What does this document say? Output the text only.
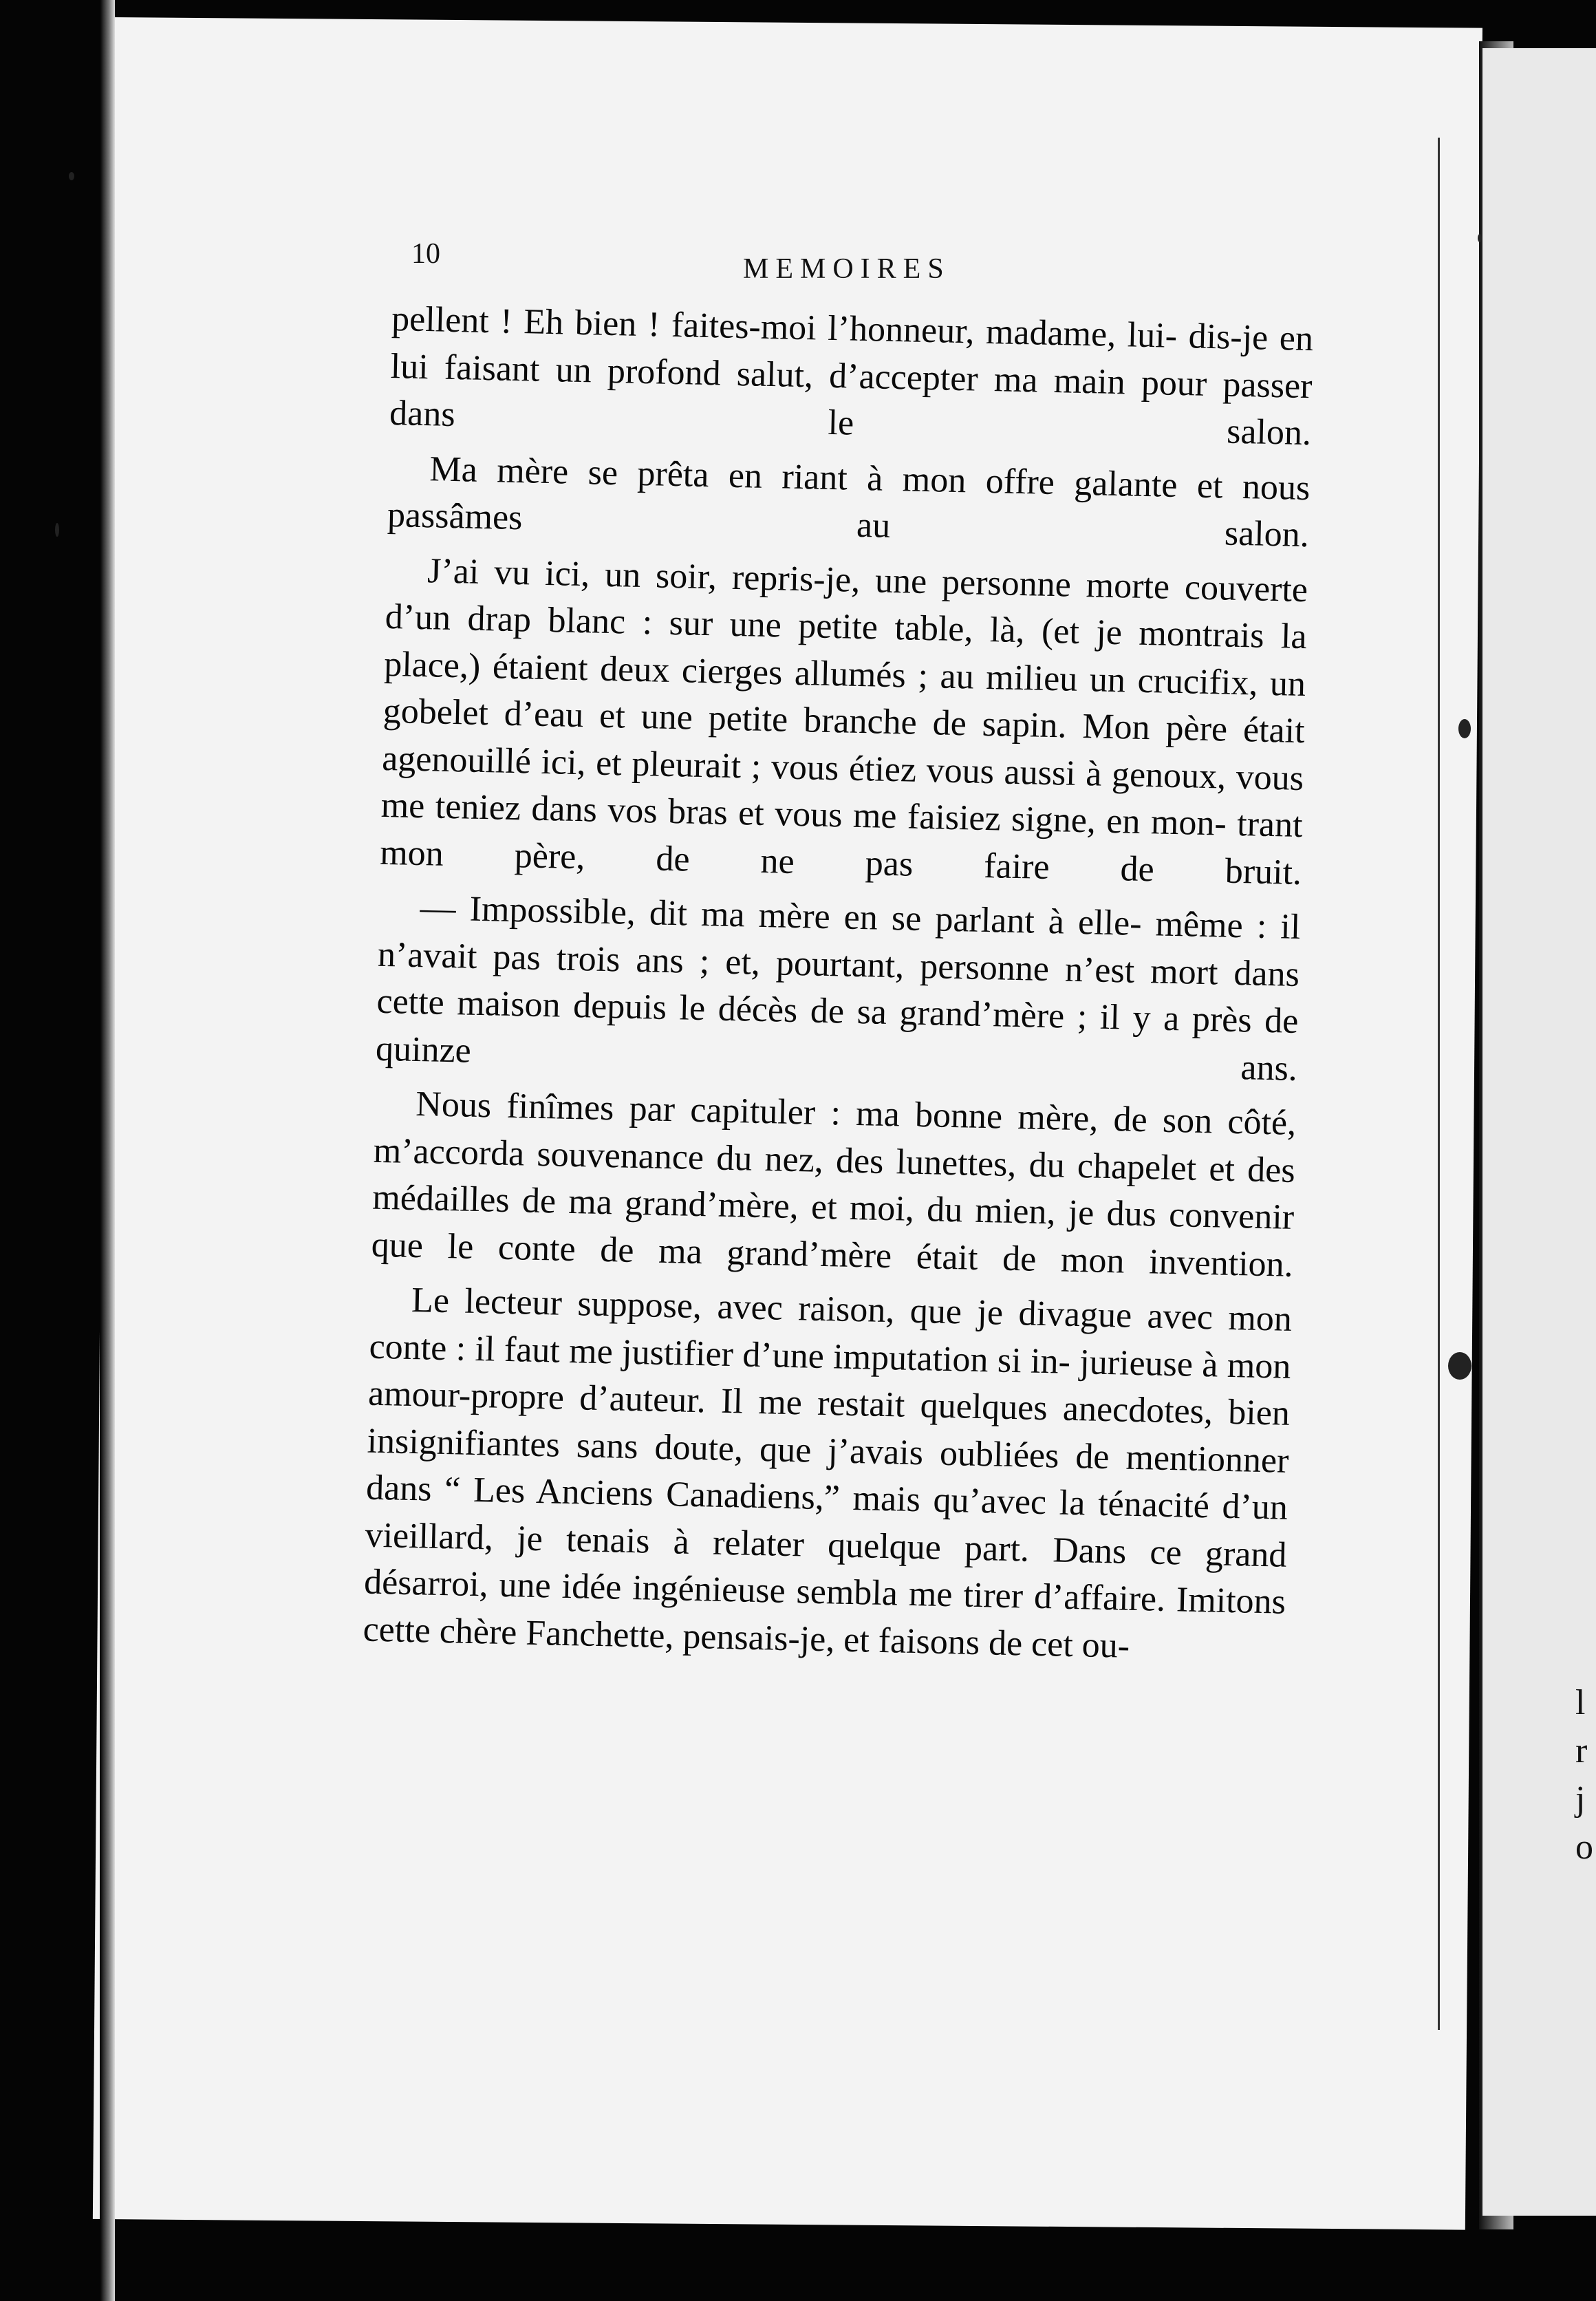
10	MEMOIRES

pellent ! Eh bien ! faites-moi l’honneur, madame, lui- dis-je en lui faisant un profond salut, d’accepter ma main pour passer dans le salon.

Ma mère se prêta en riant à mon offre galante et nous passâmes au salon.

J’ai vu ici, un soir, repris-je, une personne morte couverte d’un drap blanc : sur une petite table, là, (et je montrais la place,) étaient deux cierges allumés ; au milieu un crucifix, un gobelet d’eau et une petite branche de sapin. Mon père était agenouillé ici, et pleurait ; vous étiez vous aussi à genoux, vous me teniez dans vos bras et vous me faisiez signe, en mon- trant mon père, de ne pas faire de bruit.

— Impossible, dit ma mère en se parlant à elle- même : il n’avait pas trois ans ; et, pourtant, personne n’est mort dans cette maison depuis le décès de sa grand’mère ; il y a près de quinze ans.

Nous finîmes par capituler : ma bonne mère, de son côté, m’accorda souvenance du nez, des lunettes, du chapelet et des médailles de ma grand’mère, et moi, du mien, je dus convenir que le conte de ma grand’mère était de mon invention.

Le lecteur suppose, avec raison, que je divague avec mon conte : il faut me justifier d’une imputation si in- jurieuse à mon amour-propre d’auteur. Il me restait quelques anecdotes, bien insignifiantes sans doute, que j’avais oubliées de mentionner dans “ Les Anciens Canadiens,” mais qu’avec la ténacité d’un vieillard, je tenais à relater quelque part. Dans ce grand désarroi, une idée ingénieuse sembla me tirer d’affaire. Imitons cette chère Fanchette, pensais-je, et faisons de cet ou-

l
r
j
o
